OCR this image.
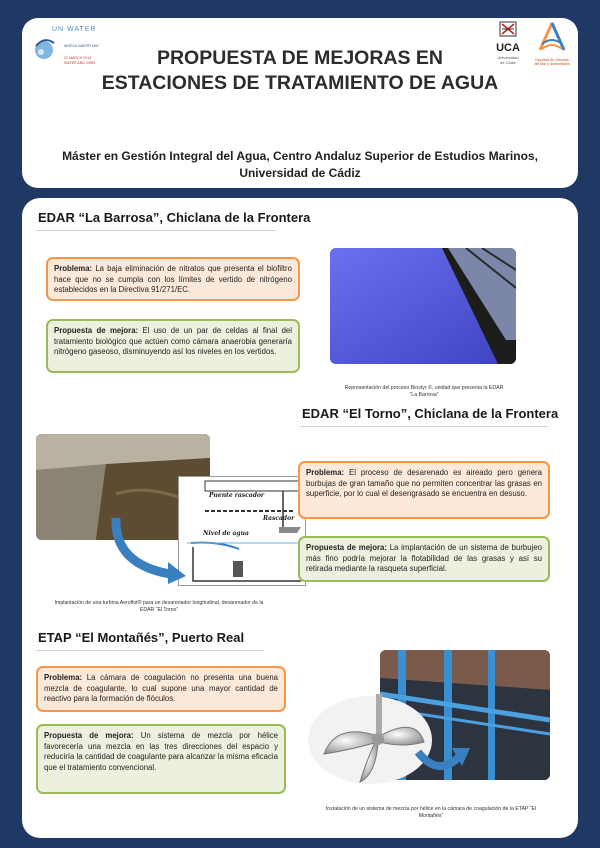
UN WATER
WORLD WATER DAY
22 MARCH 2014
WATER AND JOBS
UCA
Universidad
de Cádiz	Facultad de Ciencias
del Mar y Ambientales
PROPUESTA DE MEJORAS EN
ESTACIONES DE TRATAMIENTO DE AGUA
Máster en Gestión Integral del Agua, Centro Andaluz Superior de Estudios Marinos,
Universidad de Cádiz
EDAR “La Barrosa”, Chiclana de la Frontera
Problema: La baja eliminación de nitratos que presenta el biofiltro hace que no se cumpla con los límites de vertido de nitrógeno establecidos en la Directiva 91/271/EC.
Propuesta de mejora: El uso de un par de celdas al final del tratamiento biológico que actúen como cámara anaerobia generaría nitrógeno gaseoso, disminuyendo así los niveles en los vertidos.
Representación del proceso Biostyr ©, unidad que presenta la EDAR
“La Barrosa”
EDAR “El Torno”, Chiclana de la Frontera
Puente rascador
Rascador
Nivel de agua
Implantación de una turbina Aeroflot® para un desarenador longitudinal, desarenador de la
EDAR “El Torno”
Problema: El proceso de desarenado es aireado pero genera burbujas de gran tamaño que no permiten concentrar las grasas en superficie, por lo cual el desengrasado se encuentra en desuso.
Propuesta de mejora: La implantación de un sistema de burbujeo más fino podría mejorar la flotabilidad de las grasas y así su retirada mediante la rasqueta superficial.
ETAP “El Montañés”, Puerto Real
Problema: La cámara de coagulación no presenta una buena mezcla de coagulante, lo cual supone una mayor cantidad de reactivo para la formación de flóculos.
Propuesta de mejora: Un sistema de mezcla por hélice favorecería una mezcla en las tres direcciones del espacio y reduciría la cantidad de coagulante para alcanzar la misma eficacia que el tratamiento convencional.
Instalación de un sistema de mezcla por hélice en la cámara de coagulación de la ETAP “El
Montañés”
